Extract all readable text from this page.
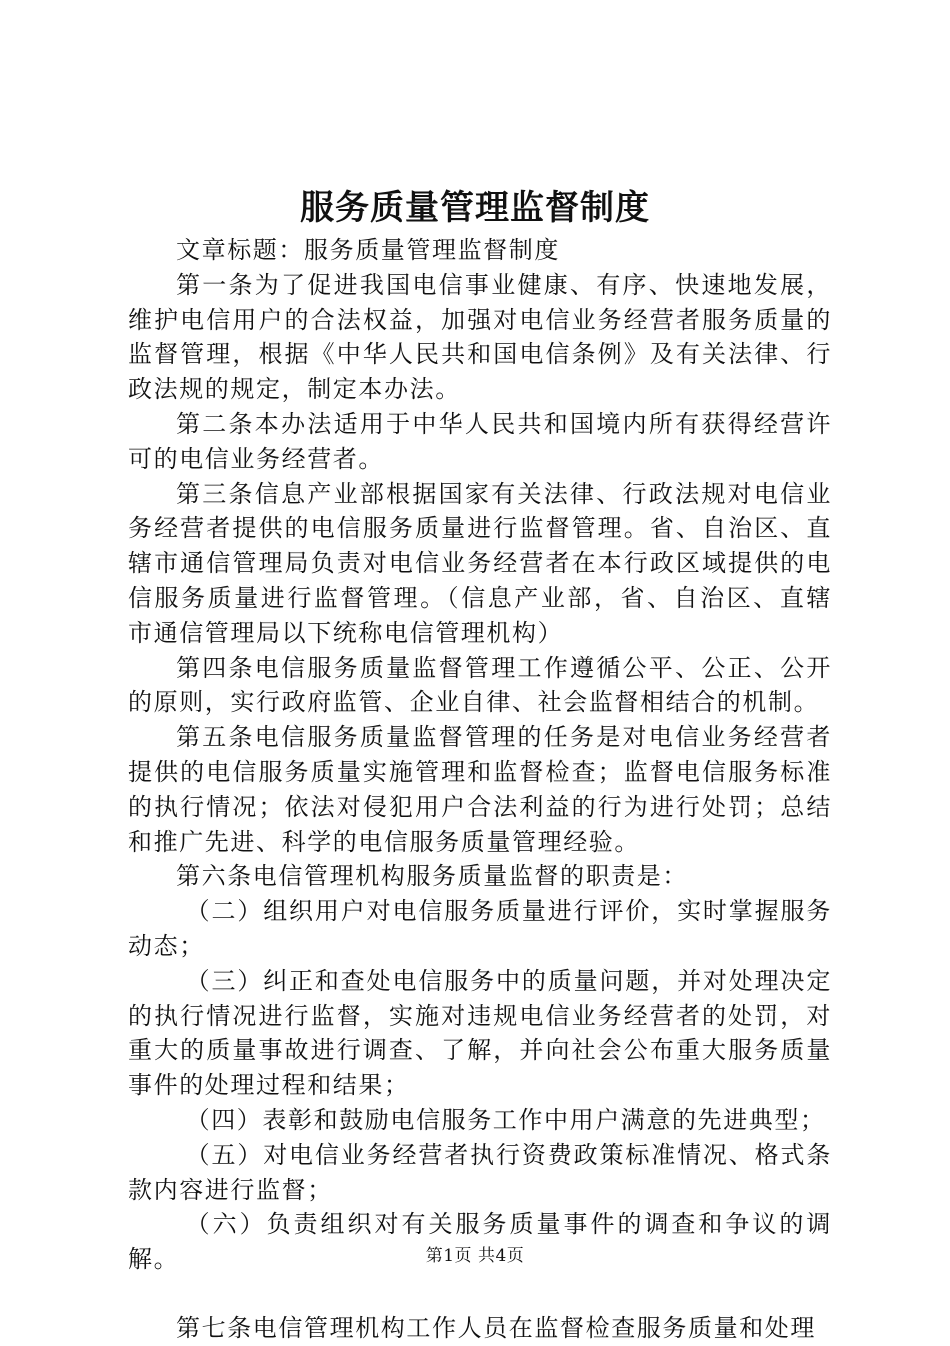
服务质量管理监督制度

文章标题：服务质量管理监督制度

第一条为了促进我国电信事业健康、有序、快速地发展，维护电信用户的合法权益，加强对电信业务经营者服务质量的监督管理，根据《中华人民共和国电信条例》及有关法律、行政法规的规定，制定本办法。

第二条本办法适用于中华人民共和国境内所有获得经营许可的电信业务经营者。

第三条信息产业部根据国家有关法律、行政法规对电信业务经营者提供的电信服务质量进行监督管理。省、自治区、直辖市通信管理局负责对电信业务经营者在本行政区域提供的电信服务质量进行监督管理。（信息产业部，省、自治区、直辖市通信管理局以下统称电信管理机构）

第四条电信服务质量监督管理工作遵循公平、公正、公开的原则，实行政府监管、企业自律、社会监督相结合的机制。

第五条电信服务质量监督管理的任务是对电信业务经营者提供的电信服务质量实施管理和监督检查；监督电信服务标准的执行情况；依法对侵犯用户合法利益的行为进行处罚；总结和推广先进、科学的电信服务质量管理经验。

第六条电信管理机构服务质量监督的职责是：

（二）组织用户对电信服务质量进行评价，实时掌握服务动态；

（三）纠正和查处电信服务中的质量问题，并对处理决定的执行情况进行监督，实施对违规电信业务经营者的处罚，对重大的质量事故进行调查、了解，并向社会公布重大服务质量事件的处理过程和结果；

（四）表彰和鼓励电信服务工作中用户满意的先进典型；

（五）对电信业务经营者执行资费政策标准情况、格式条款内容进行监督；

（六）负责组织对有关服务质量事件的调查和争议的调解。

第七条电信管理机构工作人员在监督检查服务质量和处理

第1页 共4页
